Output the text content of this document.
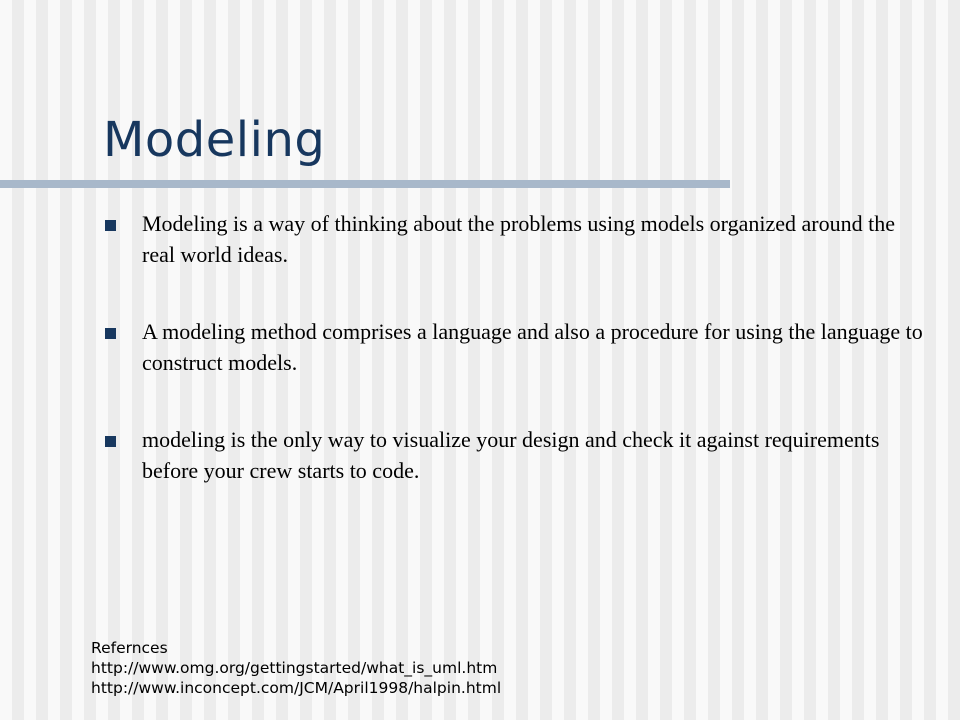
Modeling
Modeling is a way of thinking about the problems using models organized around the real world ideas.
A modeling method comprises a language and also a procedure for using the language to construct models.
modeling is the only way to visualize your design and check it against requirements before your crew starts to code.
Refernces
http://www.omg.org/gettingstarted/what_is_uml.htm
http://www.inconcept.com/JCM/April1998/halpin.html
